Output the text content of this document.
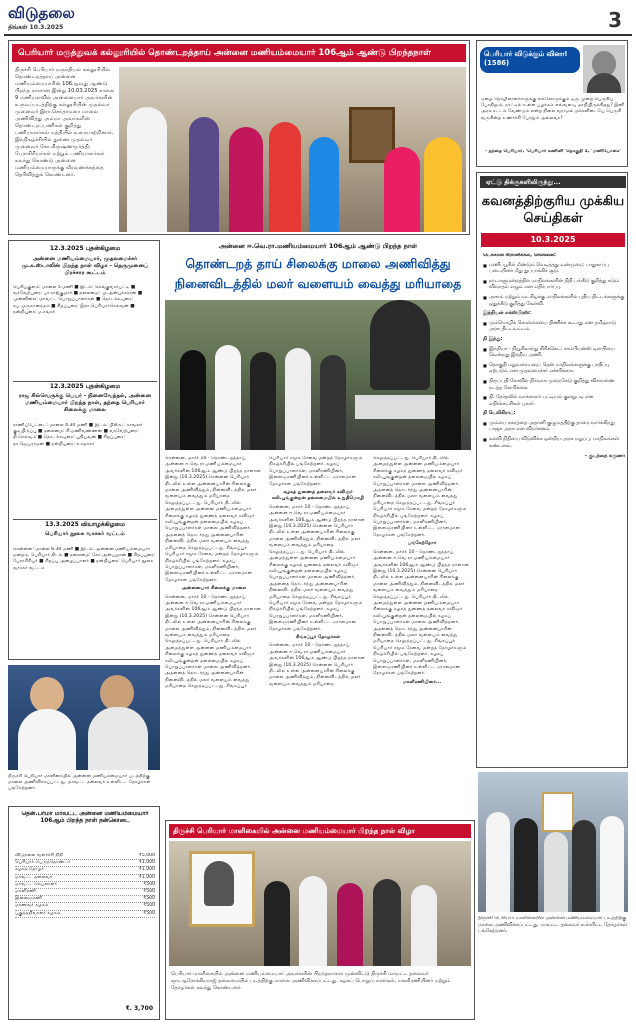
விடுதலை
திங்கள் 10.3.2025	3
பெரியார் மருத்துவக் கல்லூரியில் தொண்டறத்தாய் அன்னை மணியம்மையார் 106ஆம் ஆண்டு பிறந்தநாள்
திருச்சி பெரியார் மருந்தியல் கல்லூரியில் தொண்டறத்தாய் அன்னை மணியம்மையாரின் 106ஆவது ஆண்டு பிறந்த நாளான இன்று 10.03.2025 காலை 9 மணியளவில் அன்னையார் அவர்களின் உருவப்படத்திற்கு கல்லூரியின் முதல்வர் முனைவர் இரா.செந்தாமரை மாலை அணிவித்து அம்மா அவர்களின் தொண்டறப்பணிகள் குறித்து பணியாளர்கள் மத்தியில் உரையாற்றினார். இந்நிகழ்ச்சியில் துணை முதல்வர் முனைவர் கோ.கிருஷ்ணமூர்த்தி, பேராசிரியர்கள் மற்றும் பணியாளர்கள் கலந்து கொண்டு அன்னை மணியம்மையாருக்கு வீரவணக்கத்தை தெரிவித்துக் கொண்டனர்.
பெரியார் விடுக்கும் வினா! (1586)
ஏழை தொழிலாளர்களுக்கு எல்லோருக்கும் ஒரு முறை பெருகிய போதிலும், நாட்டில் உள்ள பழக்கம் எவ்வளவு மாறியிருக்கிறது? இனி அரசு சட்டம் வேண்டும் என்ற நிலை வராமல் மக்களிடையே பெருகி வருகின்ற உணர்ச்சி போதும் அல்லவா?
- தந்தை பெரியார், 'பெரியார் கணினி' தொகுதி 1, 'மணியோசை'
ஏட்டு திக்குகளிலிருந்து...
கவனத்திற்குரிய முக்கிய செய்திகள்
10.3.2025
டெக்கான் கிரானிக்கல், சென்னை:
■ மணிப்பூரில் மீண்டும் வெடித்தது வன்முறை; பாதுகாப்பு படையினர் மீது துப்பாக்கிச் சூடு.
■ நாடாளுமன்றத்தில் மாநிலங்களின் நிதி பங்கீடு குறித்து கடும் விவாதம் எழும் என எதிர்பார்ப்பு.
■ அசாம் மற்றும் வடகிழக்கு மாநிலங்களில் புதிய திட்டங்களுக்கு ஒதுக்கீடு குறித்து கேள்வி.
இந்தியன் எக்ஸ்பிரஸ்:
■ மும்மொழிக் கொள்கையை திணிக்க கூடாது என தமிழ்நாடு அரசு திட்டவட்டம்.
தி இந்து:
■ இந்தியா - நியூசிலாந்து கிரிக்கெட்; சாம்பியன்ஸ் டிராபியை வென்றது இந்திய அணி.
■ தொகுதி மறுவரையறை: தென் மாநிலங்களுக்கு பாதிப்பு ஏற்படும் என முதலமைச்சர் எச்சரிக்கை.
■ திருப்பதி கோவில் நிர்வாக முறைகேடு குறித்து விசாரணை நடத்த கோரிக்கை.
■ தி. தேர்தலில் வாக்காளர் பட்டியல் குளறுபடி என எதிர்க்கட்சிகள் புகார்.
தி டெலிகிராப்:
■ மும்பை நகரத்தை அதானி குழுமத்திற்கு தாரை வார்க்கிறது பாஜக அரசு என விமர்சனம்.
■ கல்வி நிதியை விடுவிக்க ஒன்றிய அரசு மறுப்பு; மாநிலங்கள் கண்டனம்.
- குடந்தை கருணா
12.3.2025 புதன்கிழமை
அன்னை மணியம்மையார், முதலமைச்சர் மு.க.ஸ்டாலின் பிறந்த நாள் விழா - தெருமுனைப் பிரச்சார கூட்டம்
பெரியகுளம்: மாலை 5 மணி ■ இடம்: கெங்குவார்பட்டி ■ வரவேற்புரை: பா.ராஜ்குமார் ■ தலைமை: மு.அன்புக்கரசன் ■ முன்னிலை: மாவட்ட பொறுப்பாளர்கள் ■ தொடக்கவுரை: சுப.முருகானந்தம் ■ சிறப்புரை: இரா.பெரியார்செல்வன் ■ நன்றியுரை: ம.சங்கர்
12.3.2025 புதன்கிழமை
ராஜ சில்வெருக்கு பெயர் - நினைவேந்தல், அன்னை மணியம்மையார் பிறந்த நாள், தந்தை பெரியார் சிலைக்கு மாலை
ராணிப்பேட்டை: மாலை 4.30 மணி ■ இடம்: பிஸ்கட் காவலர் குடியிருப்பு ■ தலைமை: சி.மணிவண்ணன் ■ வரவேற்புரை: தி.செல்வம் ■ தொடக்கவுரை: புதியவன் ■ சிறப்புரை: தா.ஜெயராமன் ■ நன்றியுரை: க.சுதாகர்
13.3.2025 வியாழக்கிழமை
பெரியார் நூலக வாசகர் வட்டம்
சென்னை: மாலை 6.30 மணி ■ இடம்: அன்னை மணியம்மையார் மன்றம், பெரியார் திடல் ■ தலைமை: கோ.அன்பழகன் ■ சிறப்புரை: பேராசிரியர் ■ சிறப்பு அழைப்பாளர் ■ நன்றியுரை: பெரியார் நூலக வாசகர் வட்டம்
திருச்சி பெரியார் மாளிகையில் அன்னை மணியம்மையார் படத்திற்கு மாலை அணிவிக்கப்பட்டது. மாவட்ட தலைவர் உள்ளிட்ட தோழர்கள் பங்கேற்றனர்.
தென்.பர்மா மாவட்ட அன்னை மணியம்மையார் 106ஆம் பிறந்த நாள் நன்கொடை
விடுதலை வளர்ச்சி நிதி	₹5,000
பெரியார் பெருந்தொண்டர்	₹1,000
கழகத் தோழர்	₹1,000
மாவட்ட தலைவர்	₹1,000
மாவட்ட செயலாளர்	₹500
மகளிரணி	₹500
இளைஞரணி	₹500
மாணவர் கழகம்	₹500
பகுத்தறிவாளர் கழகம்	₹500
₹. 3,700
அன்னை ஈ.வெ.ரா.மணியம்மையார் 106ஆம் ஆண்டு பிறந்த நாள்
தொண்டறத் தாய் சிலைக்கு மாலை அணிவித்து
நினைவிடத்தில் மலர் வளையம் வைத்து மரியாதை

சென்னை, மார்ச் 10 - தொண்டறத்தாய் அன்னை ஈ.வெ.ரா.மணியம்மையார் அவர்களின் 106ஆம் ஆண்டு பிறந்த நாளான இன்று (10.3.2025) சென்னை பெரியார் திடலில் உள்ள அன்னையாரின் சிலைக்கு மாலை அணிவித்தும், நினைவிடத்தில் மலர் வளையம் வைத்தும் மரியாதை செலுத்தப்பட்டது. பெரியார் திடலில் அமைந்துள்ள அன்னை மணியம்மையார் சிலைக்கு கழகத் துணைத் தலைவர் கவிஞர் கலி.பூங்குன்றன் தலைமையில் கழகப் பொறுப்பாளர்கள் மாலை அணிவித்தனர். அதனைத் தொடர்ந்து அன்னையாரின் நினைவிடத்தில் மலர் வளையம் வைத்து மரியாதை செலுத்தப்பட்டது. சிங்கப்பூர் பெரியார் சமூக சேவை மன்றத் தோழர்களும் நிகழ்ச்சியில் பங்கேற்றனர். கழகப் பொறுப்பாளர்கள், மகளிரணியினர், இளைஞரணியினர் உள்ளிட்ட ஏராளமான தோழர்கள் பங்கேற்றனர்.

அன்னையார் சிலைக்கு மாலை

சென்னை, மார்ச் 10 - தொண்டறத்தாய் அன்னை ஈ.வெ.ரா.மணியம்மையார் அவர்களின் 106ஆம் ஆண்டு பிறந்த நாளான இன்று (10.3.2025) சென்னை பெரியார் திடலில் உள்ள அன்னையாரின் சிலைக்கு மாலை அணிவித்தும், நினைவிடத்தில் மலர் வளையம் வைத்தும் மரியாதை செலுத்தப்பட்டது. பெரியார் திடலில் அமைந்துள்ள அன்னை மணியம்மையார் சிலைக்கு கழகத் துணைத் தலைவர் கவிஞர் கலி.பூங்குன்றன் தலைமையில் கழகப் பொறுப்பாளர்கள் மாலை அணிவித்தனர். அதனைத் தொடர்ந்து அன்னையாரின் நினைவிடத்தில் மலர் வளையம் வைத்து மரியாதை செலுத்தப்பட்டது. சிங்கப்பூர் பெரியார் சமூக சேவை மன்றத் தோழர்களும் நிகழ்ச்சியில் பங்கேற்றனர். கழகப் பொறுப்பாளர்கள், மகளிரணியினர், இளைஞரணியினர் உள்ளிட்ட ஏராளமான தோழர்கள் பங்கேற்றனர்.

கழகத் துணைத் தலைவர் கவிஞர் கலி.பூங்குன்றன் தலைமையில் உறுதிமொழி

சென்னை, மார்ச் 10 - தொண்டறத்தாய் அன்னை ஈ.வெ.ரா.மணியம்மையார் அவர்களின் 106ஆம் ஆண்டு பிறந்த நாளான இன்று (10.3.2025) சென்னை பெரியார் திடலில் உள்ள அன்னையாரின் சிலைக்கு மாலை அணிவித்தும், நினைவிடத்தில் மலர் வளையம் வைத்தும் மரியாதை செலுத்தப்பட்டது. பெரியார் திடலில் அமைந்துள்ள அன்னை மணியம்மையார் சிலைக்கு கழகத் துணைத் தலைவர் கவிஞர் கலி.பூங்குன்றன் தலைமையில் கழகப் பொறுப்பாளர்கள் மாலை அணிவித்தனர். அதனைத் தொடர்ந்து அன்னையாரின் நினைவிடத்தில் மலர் வளையம் வைத்து மரியாதை செலுத்தப்பட்டது. சிங்கப்பூர் பெரியார் சமூக சேவை மன்றத் தோழர்களும் நிகழ்ச்சியில் பங்கேற்றனர். கழகப் பொறுப்பாளர்கள், மகளிரணியினர், இளைஞரணியினர் உள்ளிட்ட ஏராளமான தோழர்கள் பங்கேற்றனர்.

சிங்கப்பூர் தோழர்கள்

சென்னை, மார்ச் 10 - தொண்டறத்தாய் அன்னை ஈ.வெ.ரா.மணியம்மையார் அவர்களின் 106ஆம் ஆண்டு பிறந்த நாளான இன்று (10.3.2025) சென்னை பெரியார் திடலில் உள்ள அன்னையாரின் சிலைக்கு மாலை அணிவித்தும், நினைவிடத்தில் மலர் வளையம் வைத்தும் மரியாதை செலுத்தப்பட்டது. பெரியார் திடலில் அமைந்துள்ள அன்னை மணியம்மையார் சிலைக்கு கழகத் துணைத் தலைவர் கவிஞர் கலி.பூங்குன்றன் தலைமையில் கழகப் பொறுப்பாளர்கள் மாலை அணிவித்தனர். அதனைத் தொடர்ந்து அன்னையாரின் நினைவிடத்தில் மலர் வளையம் வைத்து மரியாதை செலுத்தப்பட்டது. சிங்கப்பூர் பெரியார் சமூக சேவை மன்றத் தோழர்களும் நிகழ்ச்சியில் பங்கேற்றனர். கழகப் பொறுப்பாளர்கள், மகளிரணியினர், இளைஞரணியினர் உள்ளிட்ட ஏராளமான தோழர்கள் பங்கேற்றனர்.

பங்கேற்றோர்

சென்னை, மார்ச் 10 - தொண்டறத்தாய் அன்னை ஈ.வெ.ரா.மணியம்மையார் அவர்களின் 106ஆம் ஆண்டு பிறந்த நாளான இன்று (10.3.2025) சென்னை பெரியார் திடலில் உள்ள அன்னையாரின் சிலைக்கு மாலை அணிவித்தும், நினைவிடத்தில் மலர் வளையம் வைத்தும் மரியாதை செலுத்தப்பட்டது. பெரியார் திடலில் அமைந்துள்ள அன்னை மணியம்மையார் சிலைக்கு கழகத் துணைத் தலைவர் கவிஞர் கலி.பூங்குன்றன் தலைமையில் கழகப் பொறுப்பாளர்கள் மாலை அணிவித்தனர். அதனைத் தொடர்ந்து அன்னையாரின் நினைவிடத்தில் மலர் வளையம் வைத்து மரியாதை செலுத்தப்பட்டது. சிங்கப்பூர் பெரியார் சமூக சேவை மன்றத் தோழர்களும் நிகழ்ச்சியில் பங்கேற்றனர். கழகப் பொறுப்பாளர்கள், மகளிரணியினர், இளைஞரணியினர் உள்ளிட்ட ஏராளமான தோழர்கள் பங்கேற்றனர்.

மகளிரணியினர்...

திருச்சி பெரியார் மாளிகையில் அன்னை மணியம்மையார் பிறந்த நாள் விழா
பெரியார் மாளிகையில் அன்னை மணியம்மையார் அவர்களின் பிறந்தநாளை முன்னிட்டு திருச்சி மாவட்ட தலைவர் ஞா.ஆரோக்கியராஜ் தலைமையில் படத்திற்கு மாலை அணிவிக்கப்பட்டது. கழகப் பொறுப்பாளர்கள், மகளிரணியினர் மற்றும் தோழர்கள் கலந்து கொண்டனர்.
திருச்சி பெரியார் மாளிகையில் அன்னை மணியம்மையார் படத்திற்கு மாலை அணிவிக்கப்பட்டது. மாவட்ட தலைவர் உள்ளிட்ட தோழர்கள் பங்கேற்றனர்.
